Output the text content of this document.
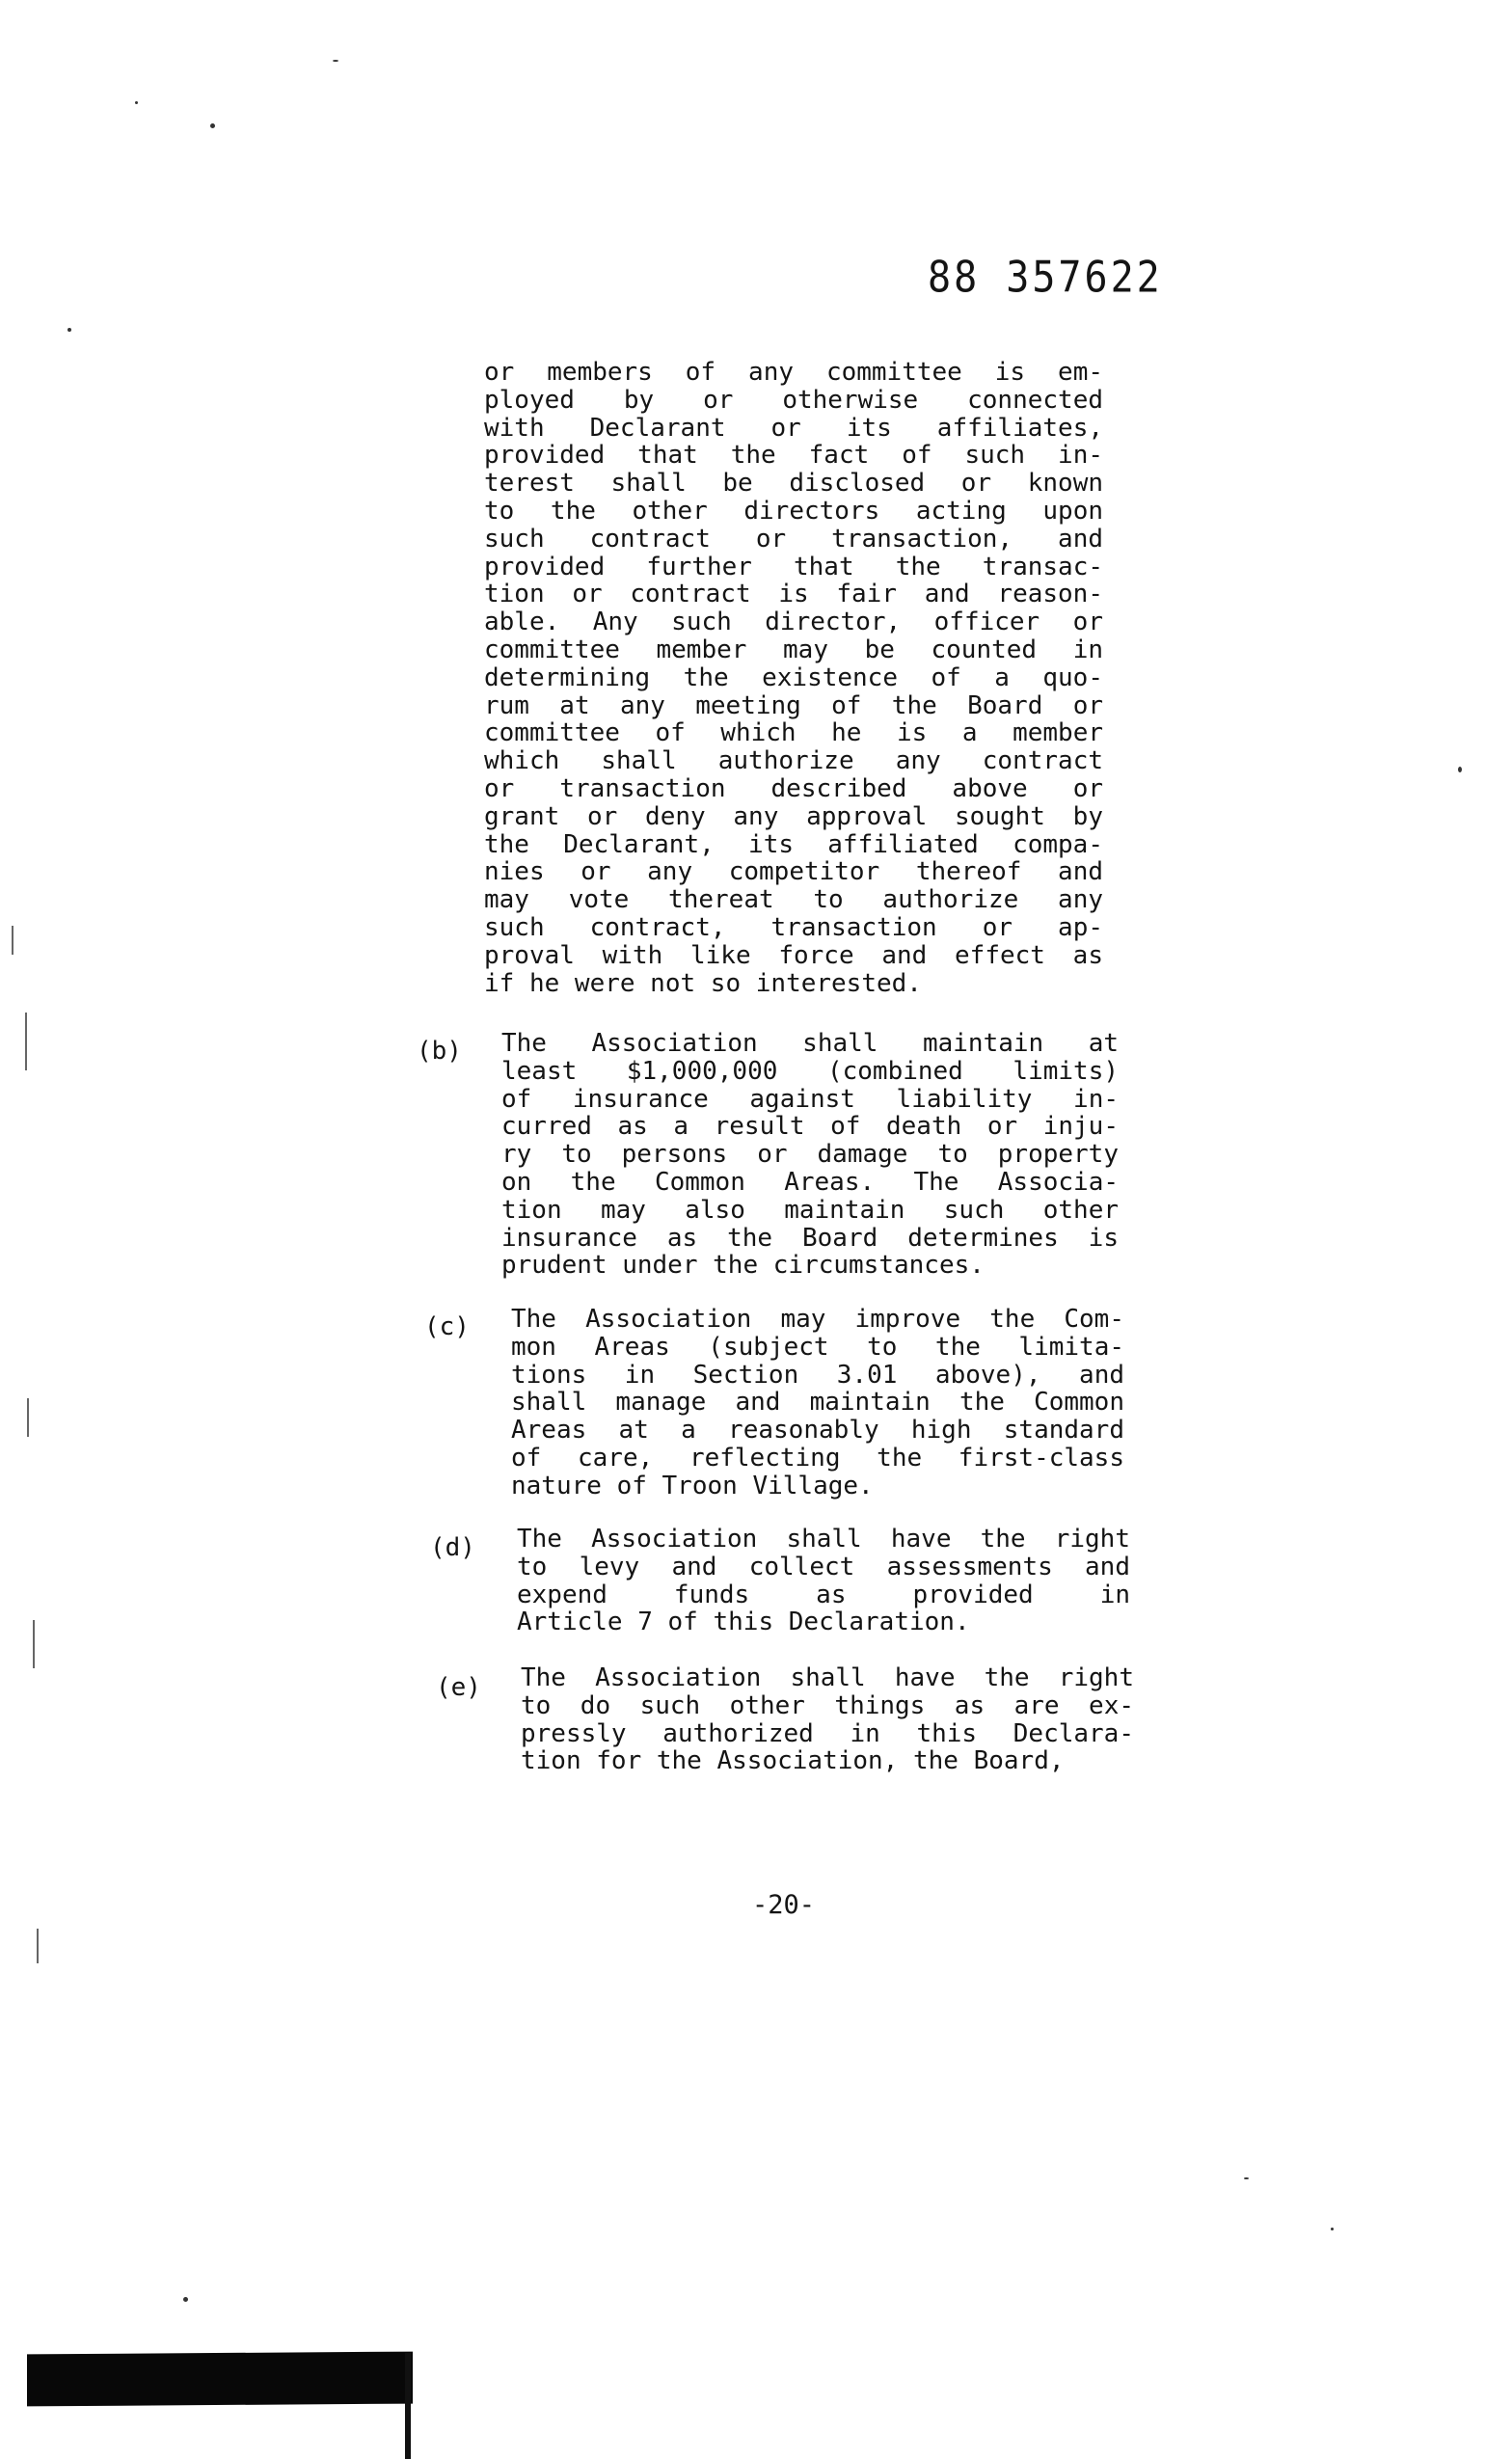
88 357622
or members of any committee is em-
ployed by or otherwise connected
with Declarant or its affiliates,
provided that the fact of such in-
terest shall be disclosed or known
to the other directors acting upon
such contract or transaction, and
provided further that the transac-
tion or contract is fair and reason-
able. Any such director, officer or
committee member may be counted in
determining the existence of a quo-
rum at any meeting of the Board or
committee of which he is a member
which shall authorize any contract
or transaction described above or
grant or deny any approval sought by
the Declarant, its affiliated compa-
nies or any competitor thereof and
may vote thereat to authorize any
such contract, transaction or ap-
proval with like force and effect as
if he were not so interested.
(b) The Association shall maintain at
least $1,000,000 (combined limits)
of insurance against liability in-
curred as a result of death or inju-
ry to persons or damage to property
on the Common Areas. The Associa-
tion may also maintain such other
insurance as the Board determines is
prudent under the circumstances.
(c) The Association may improve the Com-
mon Areas (subject to the limita-
tions in Section 3.01 above), and
shall manage and maintain the Common
Areas at a reasonably high standard
of care, reflecting the first-class
nature of Troon Village.
(d) The Association shall have the right
to levy and collect assessments and
expend funds as provided in
Article 7 of this Declaration.
(e) The Association shall have the right
to do such other things as are ex-
pressly authorized in this Declara-
tion for the Association, the Board,
-20-
